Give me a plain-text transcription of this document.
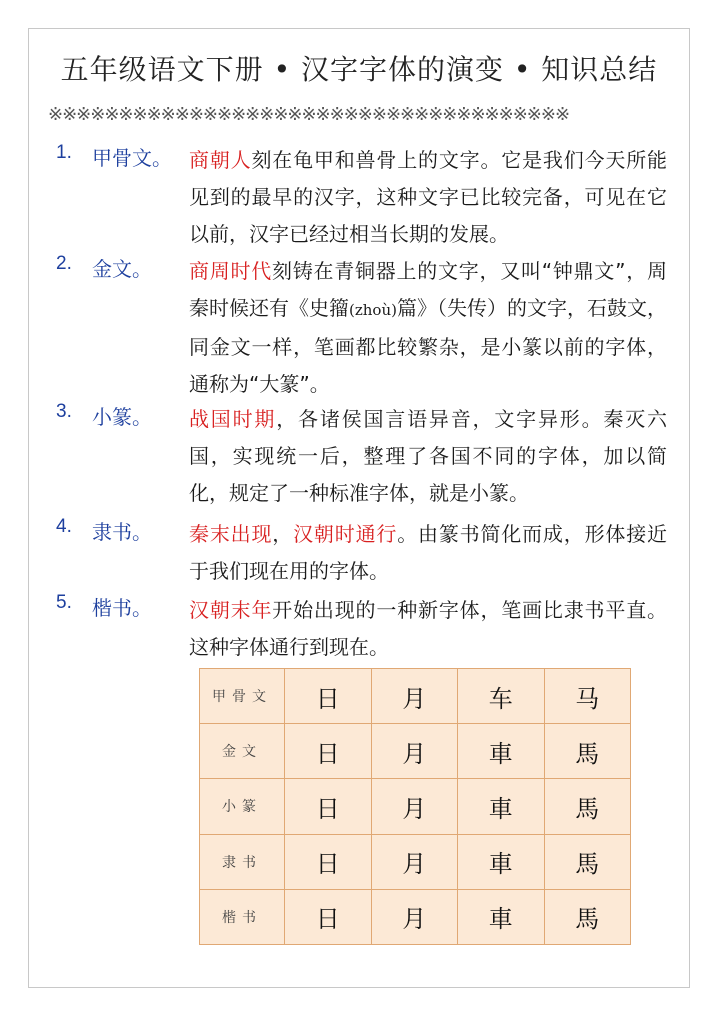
五年级语文下册 • 汉字字体的演变 • 知识总结
※※※※※※※※※※※※※※※※※※※※※※※※※※※※※※※※※※※※※
1.	甲骨文。 商朝人刻在龟甲和兽骨上的文字。它是我们今天所能见到的最早的汉字，这种文字已比较完备，可见在它以前，汉字已经过相当长期的发展。
2.	金文。	商周时代刻铸在青铜器上的文字，又叫“钟鼎文”，周秦时候还有《史籀(zhoù)篇》（失传）的文字，石鼓文，同金文一样，笔画都比较繁杂，是小篆以前的字体，通称为“大篆”。
3.	小篆。	战国时期，各诸侯国言语异音，文字异形。秦灭六国，实现统一后，整理了各国不同的字体，加以简化，规定了一种标准字体，就是小篆。
4.	隶书。	秦末出现，汉朝时通行。由篆书简化而成，形体接近于我们现在用的字体。
5.	楷书。	汉朝末年开始出现的一种新字体，笔画比隶书平直。这种字体通行到现在。
甲骨文	日	月	车	马
金文	日	月	車	馬
小篆	日	月	車	馬
隶书	日	月	車	馬
楷书	日	月	車	馬
